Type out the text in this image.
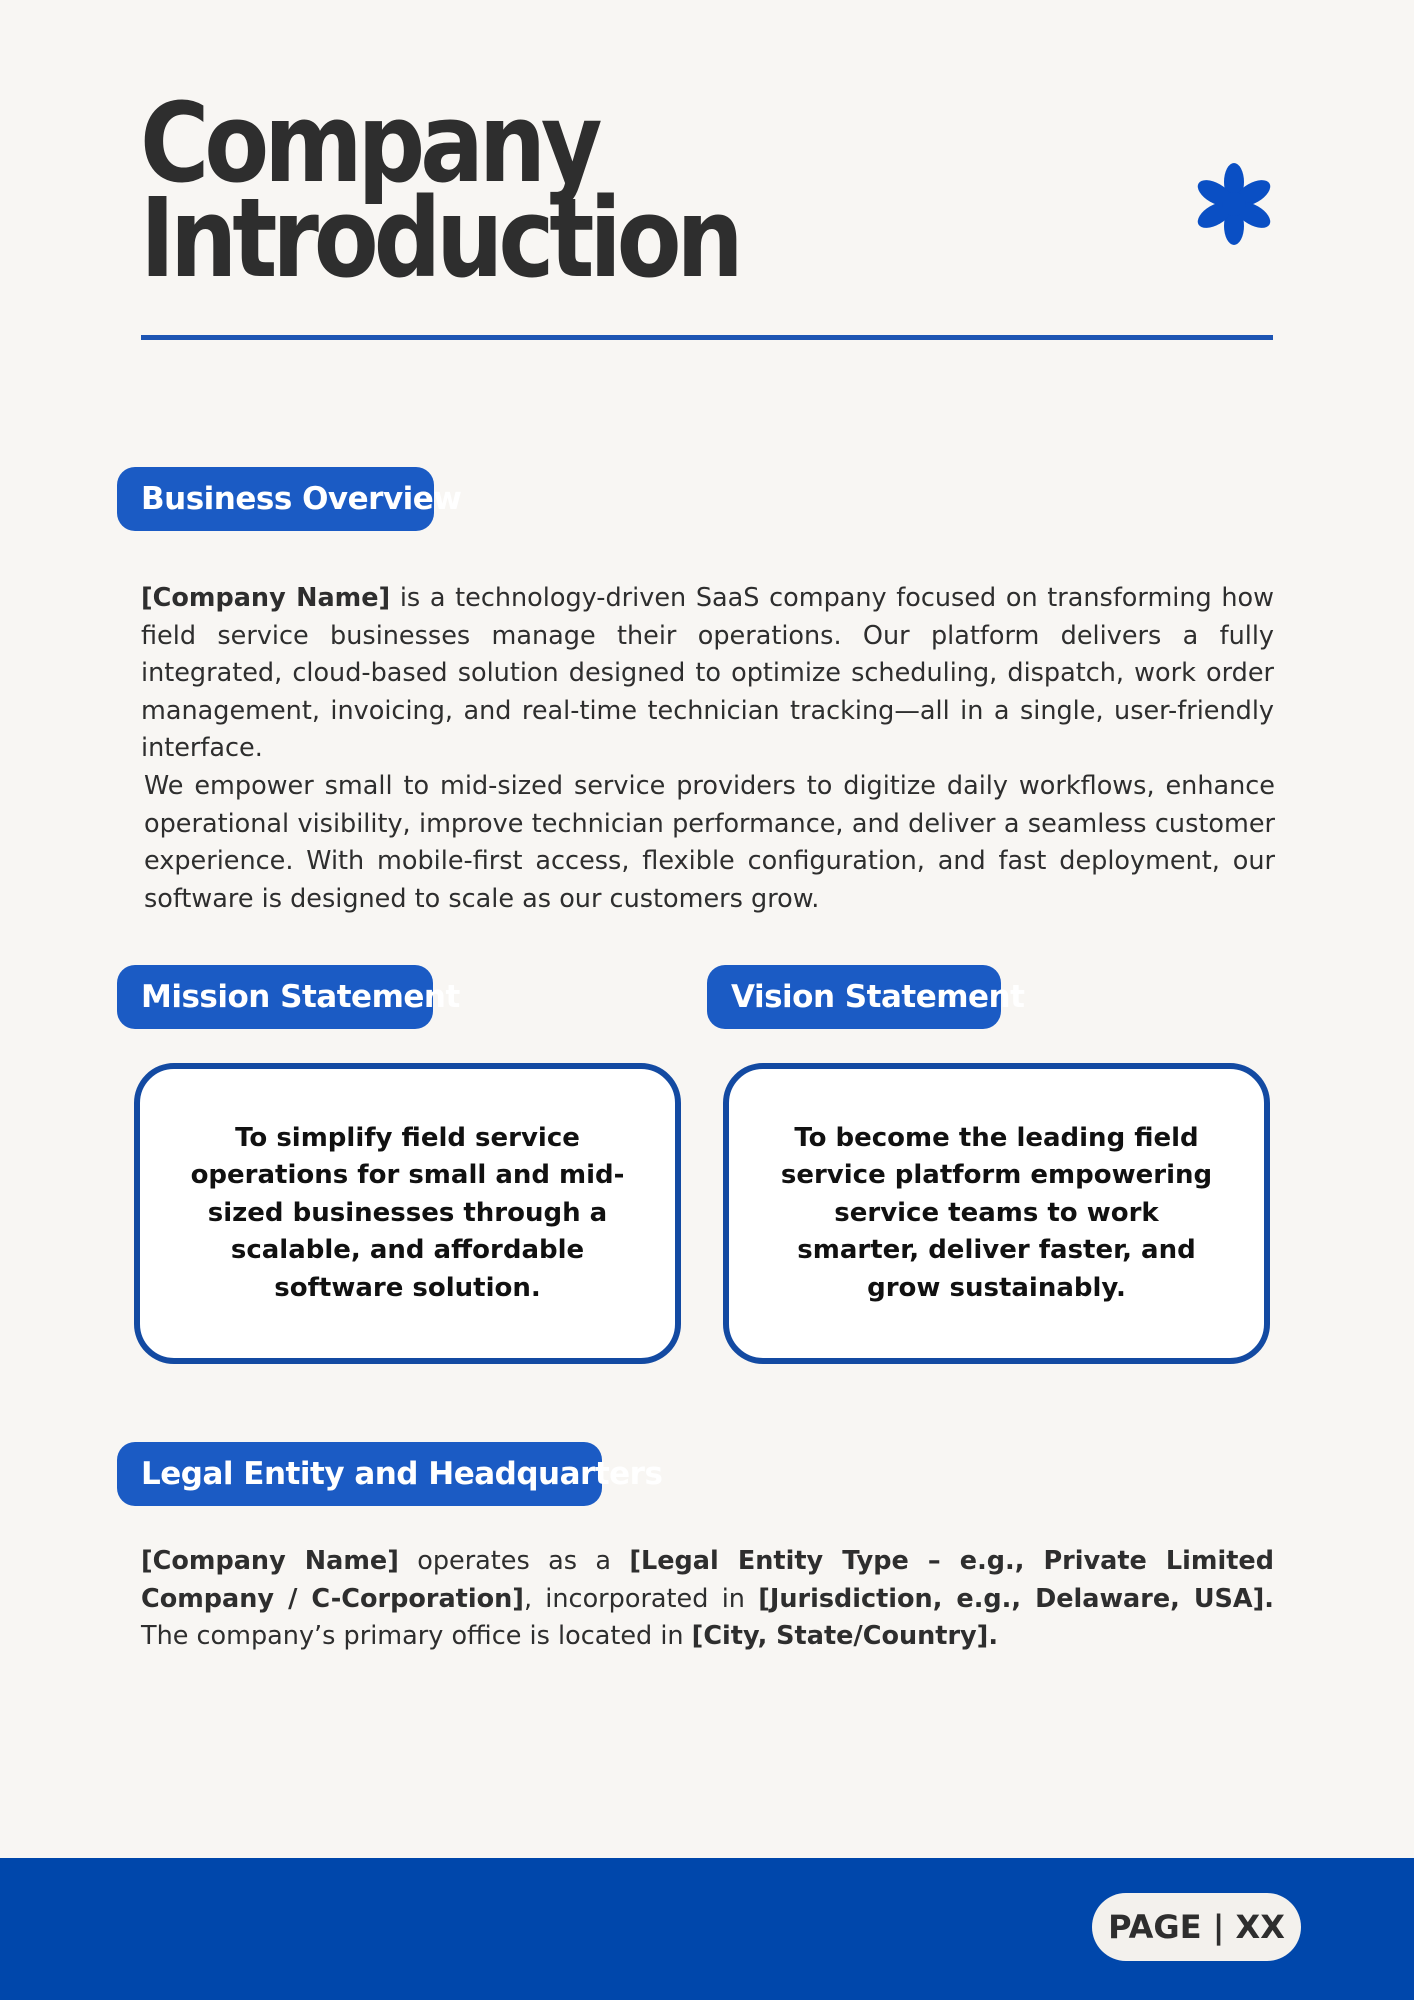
Company
Introduction
Business Overview

[Company Name] is a technology-driven SaaS company focused on transforming how field service businesses manage their operations. Our platform delivers a fully integrated, cloud-based solution designed to optimize scheduling, dispatch, work order management, invoicing, and real-time technician tracking—all in a single, user-friendly interface.

We empower small to mid-sized service providers to digitize daily workflows, enhance operational visibility, improve technician performance, and deliver a seamless customer experience. With mobile-first access, flexible configuration, and fast deployment, our software is designed to scale as our customers grow.

Mission Statement	Vision Statement
To simplify field service operations for small and mid-sized businesses through a scalable, and affordable software solution.
To become the leading field service platform empowering service teams to work smarter, deliver faster, and grow sustainably.
Legal Entity and Headquarters

[Company Name] operates as a [Legal Entity Type – e.g., Private Limited Company / C-Corporation], incorporated in [Jurisdiction, e.g., Delaware, USA]. The company’s primary office is located in [City, State/Country].

PAGE | XX
